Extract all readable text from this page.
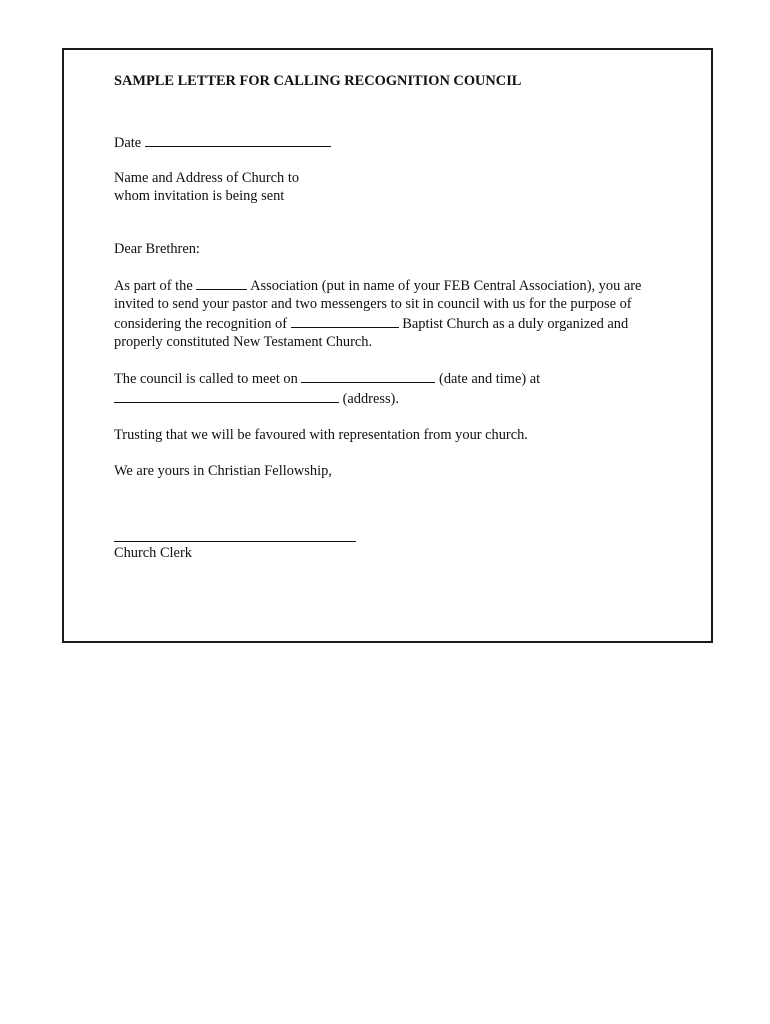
SAMPLE LETTER FOR CALLING RECOGNITION COUNCIL

Date

Name and Address of Church to

whom invitation is being sent

Dear Brethren:

As part of the	Association (put in name of your FEB Central Association), you are

invited to send your pastor and two messengers to sit in council with us for the purpose of

considering the recognition of	Baptist Church as a duly organized and

properly constituted New Testament Church.

The council is called to meet on	(date and time) at

(address).

Trusting that we will be favoured with representation from your church.

We are yours in Christian Fellowship,

Church Clerk
